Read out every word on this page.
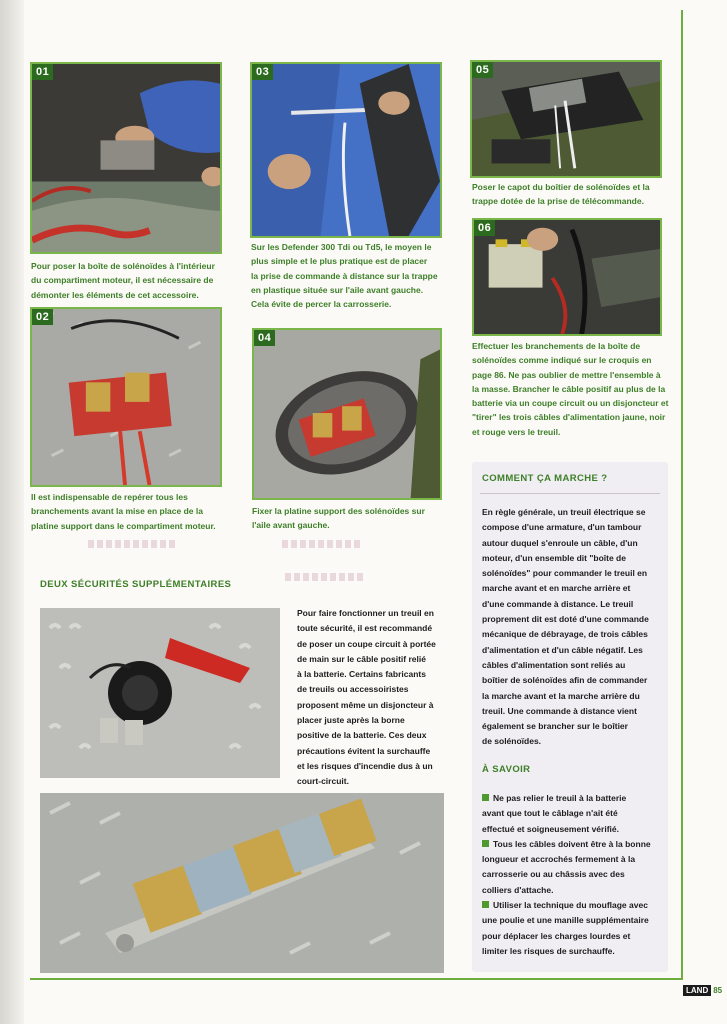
01
Pour poser la boîte de solénoïdes à l'intérieur
du compartiment moteur, il est nécessaire de
démonter les éléments de cet accessoire.
02
Il est indispensable de repérer tous les
branchements avant la mise en place de la
platine support dans le compartiment moteur.
03
Sur les Defender 300 Tdi ou Td5, le moyen le
plus simple et le plus pratique est de placer
la prise de commande à distance sur la trappe
en plastique située sur l'aile avant gauche.
Cela évite de percer la carrosserie.
04
Fixer la platine support des solénoïdes sur
l'aile avant gauche.
05
Poser le capot du boîtier de solénoïdes et la
trappe dotée de la prise de télécommande.
06
Effectuer les branchements de la boîte de
solénoïdes comme indiqué sur le croquis en
page 86. Ne pas oublier de mettre l'ensemble à
la masse. Brancher le câble positif au plus de la
batterie via un coupe circuit ou un disjoncteur et
"tirer" les trois câbles d'alimentation jaune, noir
et rouge vers le treuil.
DEUX SÉCURITÉS SUPPLÉMENTAIRES
Pour faire fonctionner un treuil en
toute sécurité, il est recommandé
de poser un coupe circuit à portée
de main sur le câble positif relié
à la batterie. Certains fabricants
de treuils ou accessoiristes
proposent même un disjoncteur à
placer juste après la borne
positive de la batterie. Ces deux
précautions évitent la surchauffe
et les risques d'incendie dus à un
court-circuit.
COMMENT ÇA MARCHE ?
En règle générale, un treuil électrique se
compose d'une armature, d'un tambour
autour duquel s'enroule un câble, d'un
moteur, d'un ensemble dit "boîte de
solénoïdes" pour commander le treuil en
marche avant et en marche arrière et
d'une commande à distance. Le treuil
proprement dit est doté d'une commande
mécanique de débrayage, de trois câbles
d'alimentation et d'un câble négatif. Les
câbles d'alimentation sont reliés au
boîtier de solénoïdes afin de commander
la marche avant et la marche arrière du
treuil. Une commande à distance vient
également se brancher sur le boîtier
de solénoïdes.
À SAVOIR
Ne pas relier le treuil à la batterie
avant que tout le câblage n'ait été
effectué et soigneusement vérifié.
Tous les câbles doivent être à la bonne
longueur et accrochés fermement à la
carrosserie ou au châssis avec des
colliers d'attache.
Utiliser la technique du mouflage avec
une poulie et une manille supplémentaire
pour déplacer les charges lourdes et
limiter les risques de surchauffe.
LAND 85
